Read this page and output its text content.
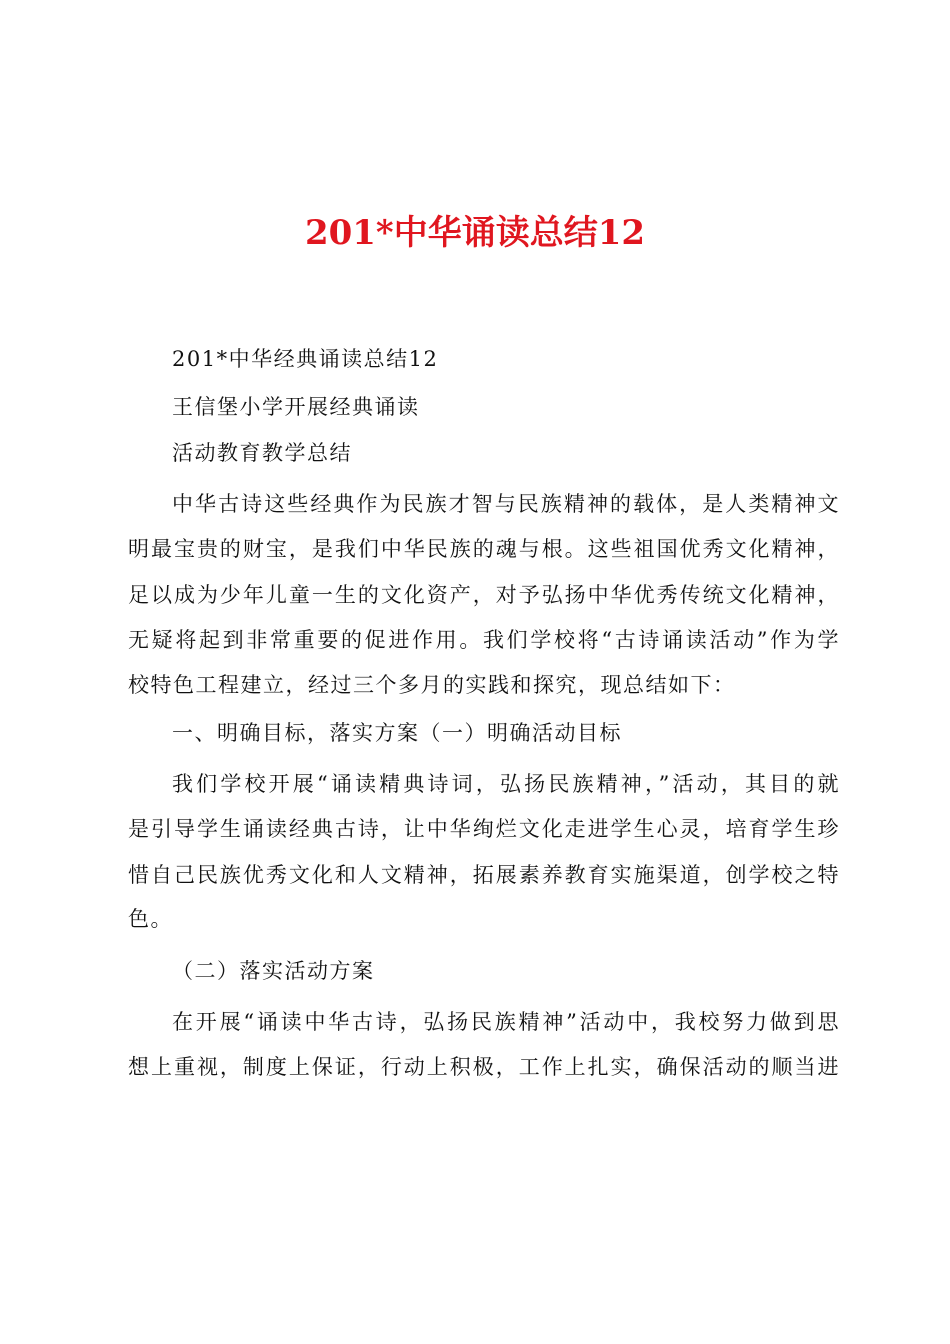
201*中华诵读总结12
201*中华经典诵读总结12
王信堡小学开展经典诵读
活动教育教学总结
中华古诗这些经典作为民族才智与民族精神的载体，是人类精神文
明最宝贵的财宝，是我们中华民族的魂与根。这些祖国优秀文化精神，
足以成为少年儿童一生的文化资产，对予弘扬中华优秀传统文化精神，
无疑将起到非常重要的促进作用。我们学校将“古诗诵读活动”作为学
校特色工程建立，经过三个多月的实践和探究，现总结如下：
一、明确目标，落实方案（一）明确活动目标
我们学校开展“诵读精典诗词，弘扬民族精神，”活动，其目的就
是引导学生诵读经典古诗，让中华绚烂文化走进学生心灵，培育学生珍
惜自己民族优秀文化和人文精神，拓展素养教育实施渠道，创学校之特
色。
（二）落实活动方案
在开展“诵读中华古诗，弘扬民族精神”活动中，我校努力做到思
想上重视，制度上保证，行动上积极，工作上扎实，确保活动的顺当进
